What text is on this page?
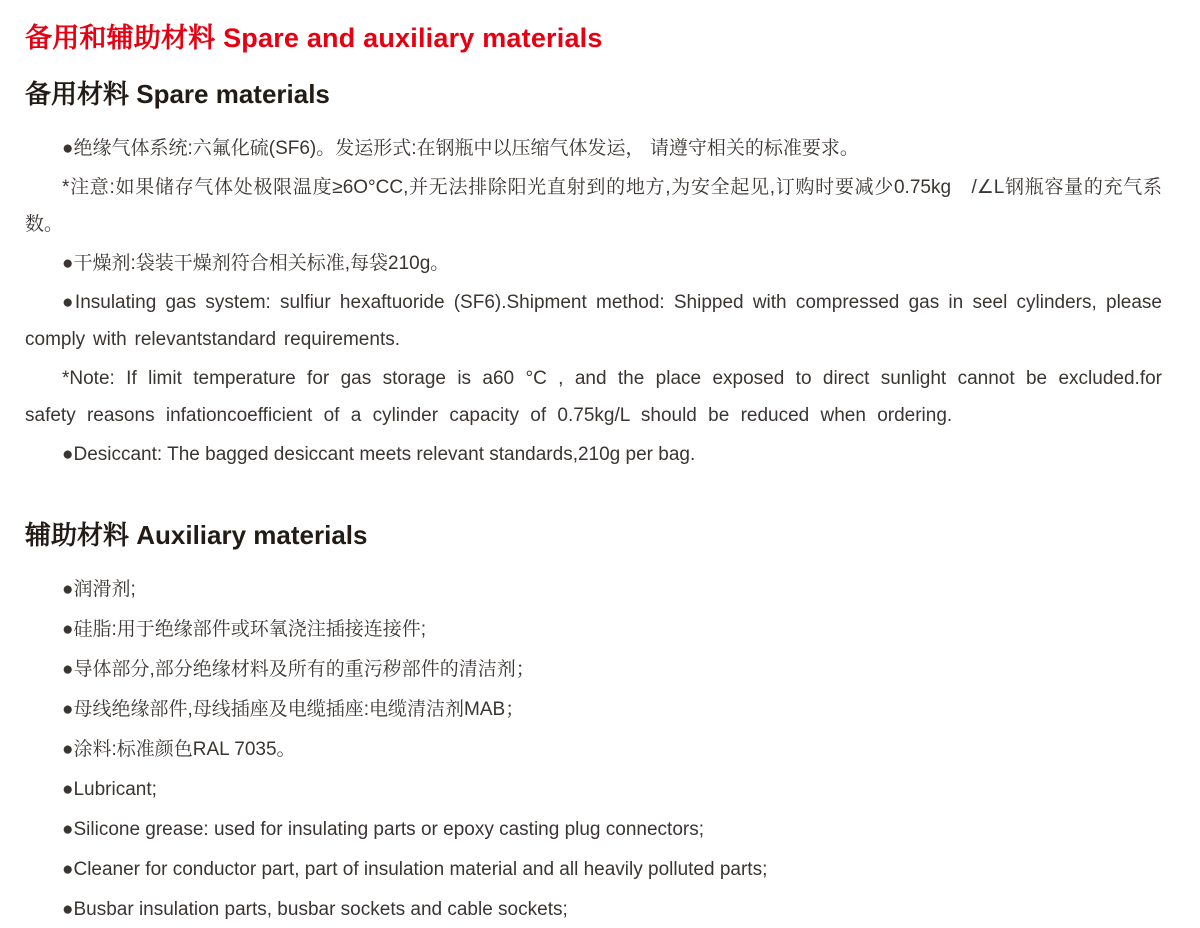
备用和辅助材料 Spare and auxiliary materials
备用材料 Spare materials

●绝缘气体系统:六氟化硫(SF6)。发运形式:在钢瓶中以压缩气体发运， 请遵守相关的标准要求。

*注意:如果储存气体处极限温度≥6O°CC,并无法排除阳光直射到的地方,为安全起见,订购时要减少0.75kg　/∠L钢瓶容量的充气系数。

●干燥剂:袋装干燥剂符合相关标准,每袋210g。

●Insulating gas system: sulfiur hexaftuoride (SF6).Shipment method: Shipped with compressed gas in seel cylinders, please comply with relevantstandard requirements.

*Note: If limit temperature for gas storage is a60 °C , and the place exposed to direct sunlight cannot be excluded.for safety reasons infationcoefficient of a cylinder capacity of 0.75kg/L should be reduced when ordering.

●Desiccant: The bagged desiccant meets relevant standards,210g per bag.

辅助材料 Auxiliary materials

●润滑剂;

●硅脂:用于绝缘部件或环氧浇注插接连接件;

●导体部分,部分绝缘材料及所有的重污秽部件的清洁剂；

●母线绝缘部件,母线插座及电缆插座:电缆清洁剂MAB；

●涂料:标准颜色RAL 7035。

●Lubricant;

●Silicone grease: used for insulating parts or epoxy casting plug connectors;

●Cleaner for conductor part, part of insulation material and all heavily polluted parts;

●Busbar insulation parts, busbar sockets and cable sockets;
